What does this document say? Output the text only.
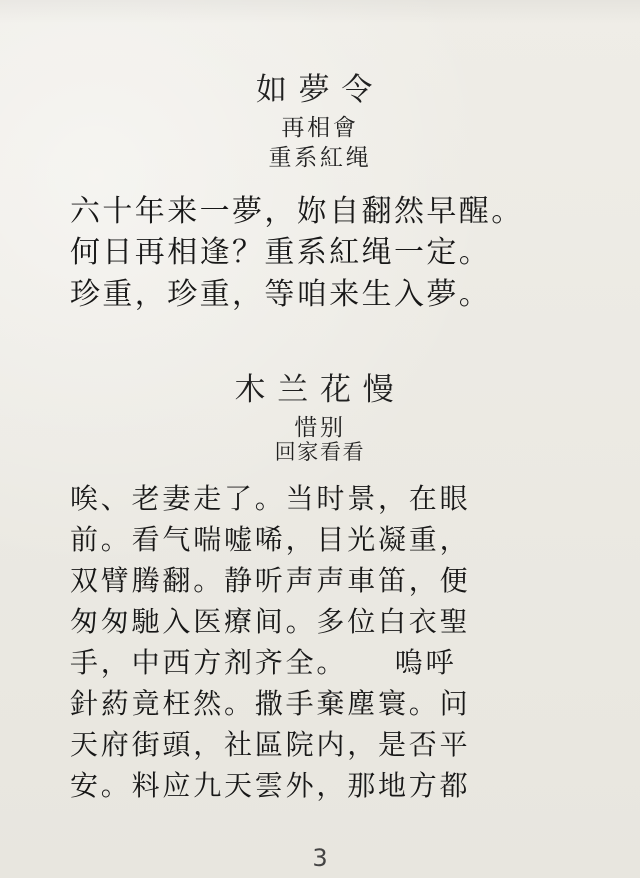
如夢令
再相會
重系紅绳
六十年来一夢，妳自翻然早醒。
何日再相逢？重系紅绳一定。
珍重，珍重，等咱来生入夢。
木兰花慢
惜别
回家看看
唉、老妻走了。当时景，在眼
前。看气喘嘘唏，目光凝重，
双臂腾翻。静听声声車笛，便
匆匆馳入医療间。多位白衣聖
手，中西方剂齐全。　　嗚呼
針葯竟枉然。撒手棄塵寰。问
天府街頭，社區院内，是否平
安。料应九天雲外，那地方都
3
